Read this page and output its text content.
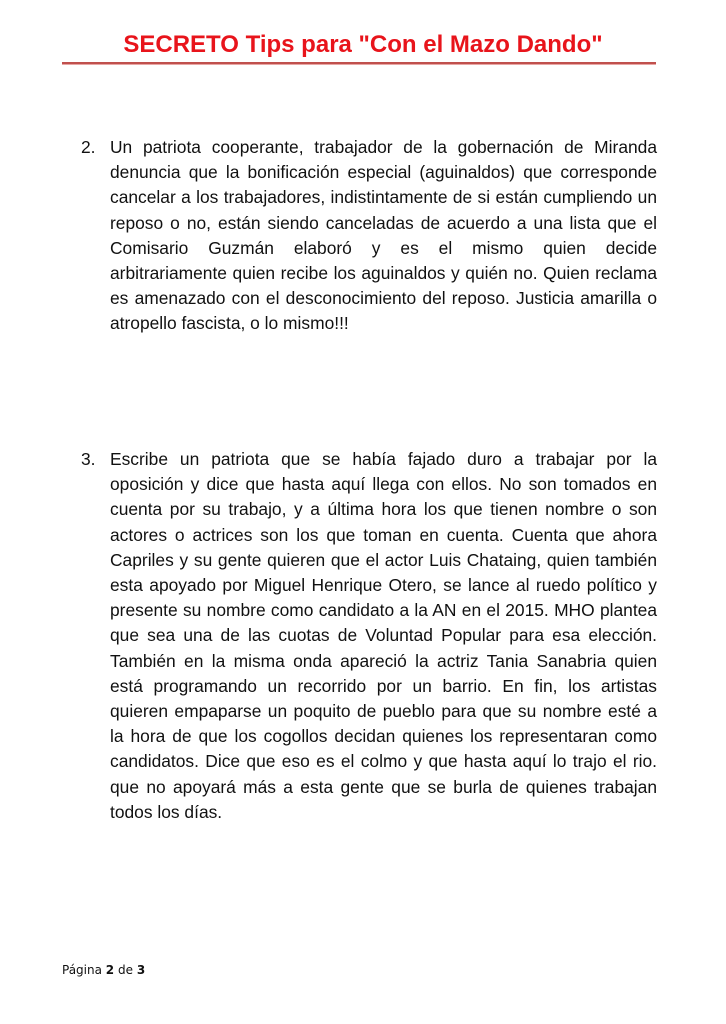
SECRETO Tips para "Con el Mazo Dando"
2. Un patriota cooperante, trabajador de la gobernación de Miranda denuncia que la bonificación especial (aguinaldos) que corresponde cancelar a los trabajadores, indistintamente de si están cumpliendo un reposo o no, están siendo canceladas de acuerdo a una lista que el Comisario Guzmán elaboró y es el mismo quien decide arbitrariamente quien recibe los aguinaldos y quién no. Quien reclama es amenazado con el desconocimiento del reposo. Justicia amarilla o atropello fascista, o lo mismo!!!
3. Escribe un patriota que se había fajado duro a trabajar por la oposición y dice que hasta aquí llega con ellos. No son tomados en cuenta por su trabajo, y a última hora los que tienen nombre o son actores o actrices son los que toman en cuenta. Cuenta que ahora Capriles y su gente quieren que el actor Luis Chataing, quien también esta apoyado por Miguel Henrique Otero, se lance al ruedo político y presente su nombre como candidato a la AN en el 2015. MHO plantea que sea una de las cuotas de Voluntad Popular para esa elección. También en la misma onda apareció la actriz Tania Sanabria quien está programando un recorrido por un barrio. En fin, los artistas quieren empaparse un poquito de pueblo para que su nombre esté a la hora de que los cogollos decidan quienes los representaran como candidatos. Dice que eso es el colmo y que hasta aquí lo trajo el rio. que no apoyará más a esta gente que se burla de quienes trabajan todos los días.
Página 2 de 3
